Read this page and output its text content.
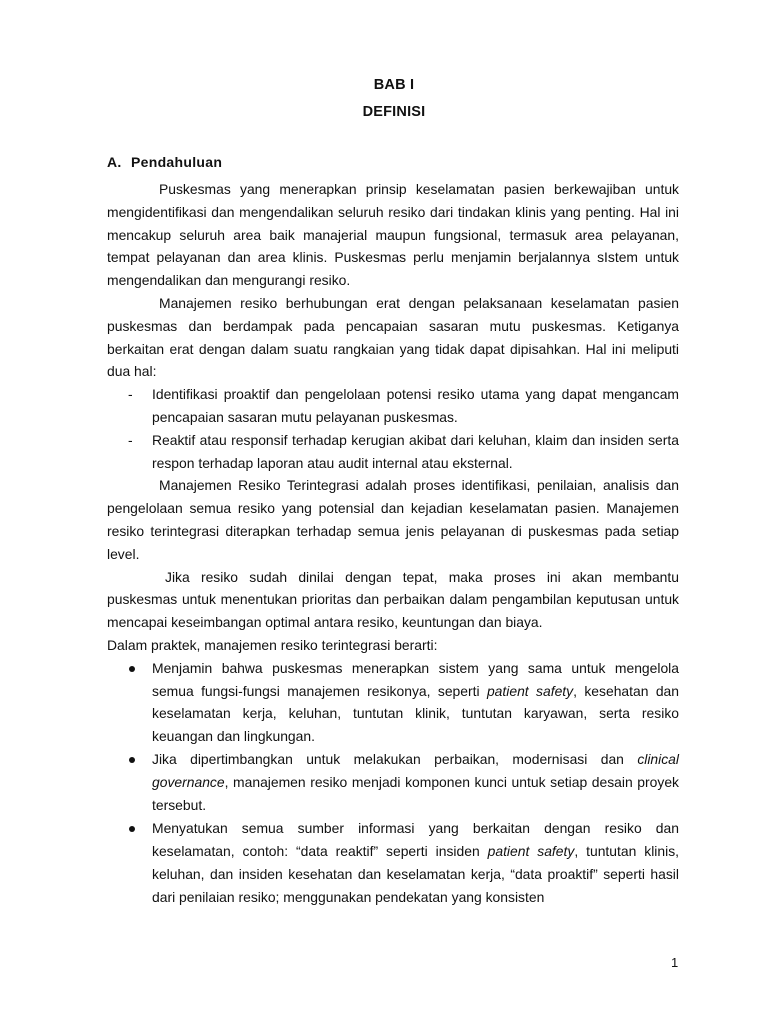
BAB I
DEFINISI
A. Pendahuluan

Puskesmas yang menerapkan prinsip keselamatan pasien berkewajiban untuk mengidentifikasi dan mengendalikan seluruh resiko dari tindakan klinis yang penting. Hal ini mencakup seluruh area baik manajerial maupun fungsional, termasuk area pelayanan, tempat pelayanan dan area klinis. Puskesmas perlu menjamin berjalannya sIstem untuk mengendalikan dan mengurangi resiko.

Manajemen resiko berhubungan erat dengan pelaksanaan keselamatan pasien puskesmas dan berdampak pada pencapaian sasaran mutu puskesmas. Ketiganya berkaitan erat dengan dalam suatu rangkaian yang tidak dapat dipisahkan. Hal ini meliputi dua hal:

- Identifikasi proaktif dan pengelolaan potensi resiko utama yang dapat mengancam pencapaian sasaran mutu pelayanan puskesmas.
- Reaktif atau responsif terhadap kerugian akibat dari keluhan, klaim dan insiden serta respon terhadap laporan atau audit internal atau eksternal.

Manajemen Resiko Terintegrasi adalah proses identifikasi, penilaian, analisis dan pengelolaan semua resiko yang potensial dan kejadian keselamatan pasien. Manajemen resiko terintegrasi diterapkan terhadap semua jenis pelayanan di puskesmas pada setiap level.

Jika resiko sudah dinilai dengan tepat, maka proses ini akan membantu puskesmas untuk menentukan prioritas dan perbaikan dalam pengambilan keputusan untuk mencapai keseimbangan optimal antara resiko, keuntungan dan biaya.

Dalam praktek, manajemen resiko terintegrasi berarti:

Menjamin bahwa puskesmas menerapkan sistem yang sama untuk mengelola semua fungsi-fungsi manajemen resikonya, seperti patient safety, kesehatan dan keselamatan kerja, keluhan, tuntutan klinik, tuntutan karyawan, serta resiko keuangan dan lingkungan.
Jika dipertimbangkan untuk melakukan perbaikan, modernisasi dan clinical governance, manajemen resiko menjadi komponen kunci untuk setiap desain proyek tersebut.
Menyatukan semua sumber informasi yang berkaitan dengan resiko dan keselamatan, contoh: “data reaktif” seperti insiden patient safety, tuntutan klinis, keluhan, dan insiden kesehatan dan keselamatan kerja, “data proaktif” seperti hasil dari penilaian resiko; menggunakan pendekatan yang konsisten
1
